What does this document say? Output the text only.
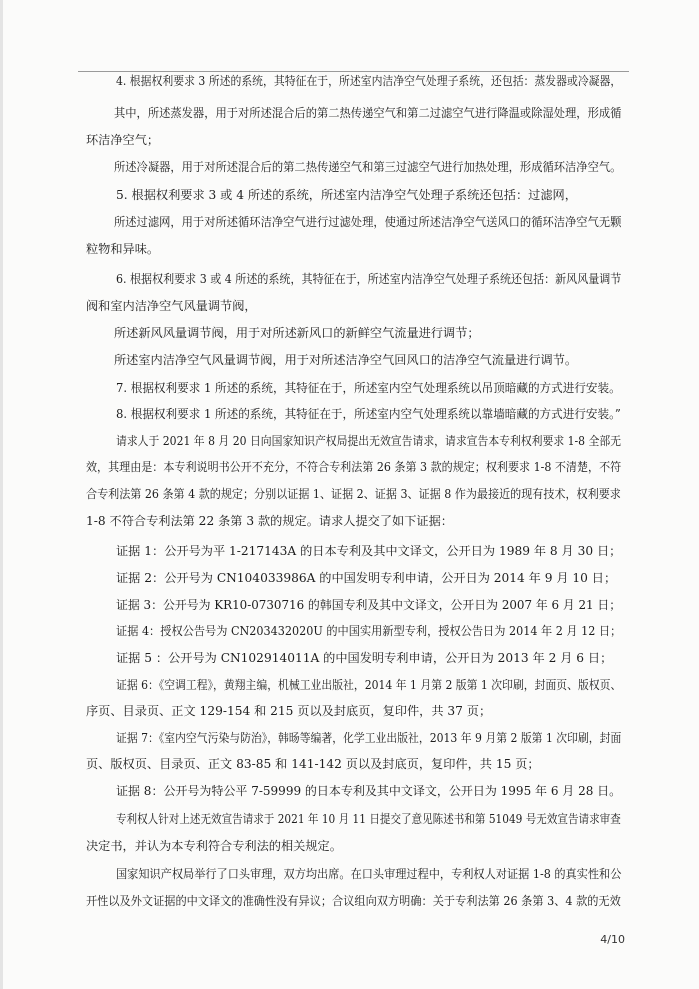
4. 根据权利要求 3 所述的系统，其特征在于，所述室内洁净空气处理子系统，还包括：蒸发器或冷凝器，
其中，所述蒸发器，用于对所述混合后的第二热传递空气和第二过滤空气进行降温或除湿处理，形成循
环洁净空气；
所述冷凝器，用于对所述混合后的第二热传递空气和第三过滤空气进行加热处理，形成循环洁净空气。
5. 根据权利要求 3 或 4 所述的系统，所述室内洁净空气处理子系统还包括：过滤网，
所述过滤网，用于对所述循环洁净空气进行过滤处理，使通过所述洁净空气送风口的循环洁净空气无颗
粒物和异味。
6. 根据权利要求 3 或 4 所述的系统，其特征在于，所述室内洁净空气处理子系统还包括：新风风量调节
阀和室内洁净空气风量调节阀，
所述新风风量调节阀，用于对所述新风口的新鲜空气流量进行调节；
所述室内洁净空气风量调节阀，用于对所述洁净空气回风口的洁净空气流量进行调节。
7. 根据权利要求 1 所述的系统，其特征在于，所述室内空气处理系统以吊顶暗藏的方式进行安装。
8. 根据权利要求 1 所述的系统，其特征在于，所述室内空气处理系统以靠墙暗藏的方式进行安装。”
请求人于 2021 年 8 月 20 日向国家知识产权局提出无效宣告请求，请求宣告本专利权利要求 1-8 全部无
效，其理由是：本专利说明书公开不充分，不符合专利法第 26 条第 3 款的规定；权利要求 1-8 不清楚，不符
合专利法第 26 条第 4 款的规定；分别以证据 1、证据 2、证据 3、证据 8 作为最接近的现有技术，权利要求
1-8 不符合专利法第 22 条第 3 款的规定。请求人提交了如下证据：
证据 1：公开号为平 1-217143A 的日本专利及其中文译文，公开日为 1989 年 8 月 30 日；
证据 2：公开号为 CN104033986A 的中国发明专利申请，公开日为 2014 年 9 月 10 日；
证据 3：公开号为 KR10-0730716 的韩国专利及其中文译文，公开日为 2007 年 6 月 21 日；
证据 4：授权公告号为 CN203432020U 的中国实用新型专利，授权公告日为 2014 年 2 月 12 日；
证据 5 ：公开号为 CN102914011A 的中国发明专利申请，公开日为 2013 年 2 月 6 日；
证据 6：《空调工程》，黄翔主编，机械工业出版社，2014 年 1 月第 2 版第 1 次印刷，封面页、版权页、
序页、目录页、正文 129-154 和 215 页以及封底页，复印件，共 37 页；
证据 7：《室内空气污染与防治》，韩旸等编著，化学工业出版社，2013 年 9 月第 2 版第 1 次印刷，封面
页、版权页、目录页、正文 83-85 和 141-142 页以及封底页，复印件，共 15 页；
证据 8：公开号为特公平 7-59999 的日本专利及其中文译文，公开日为 1995 年 6 月 28 日。
专利权人针对上述无效宣告请求于 2021 年 10 月 11 日提交了意见陈述书和第 51049 号无效宣告请求审查
决定书，并认为本专利符合专利法的相关规定。
国家知识产权局举行了口头审理，双方均出席。在口头审理过程中，专利权人对证据 1-8 的真实性和公
开性以及外文证据的中文译文的准确性没有异议；合议组向双方明确：关于专利法第 26 条第 3、4 款的无效
4/10
